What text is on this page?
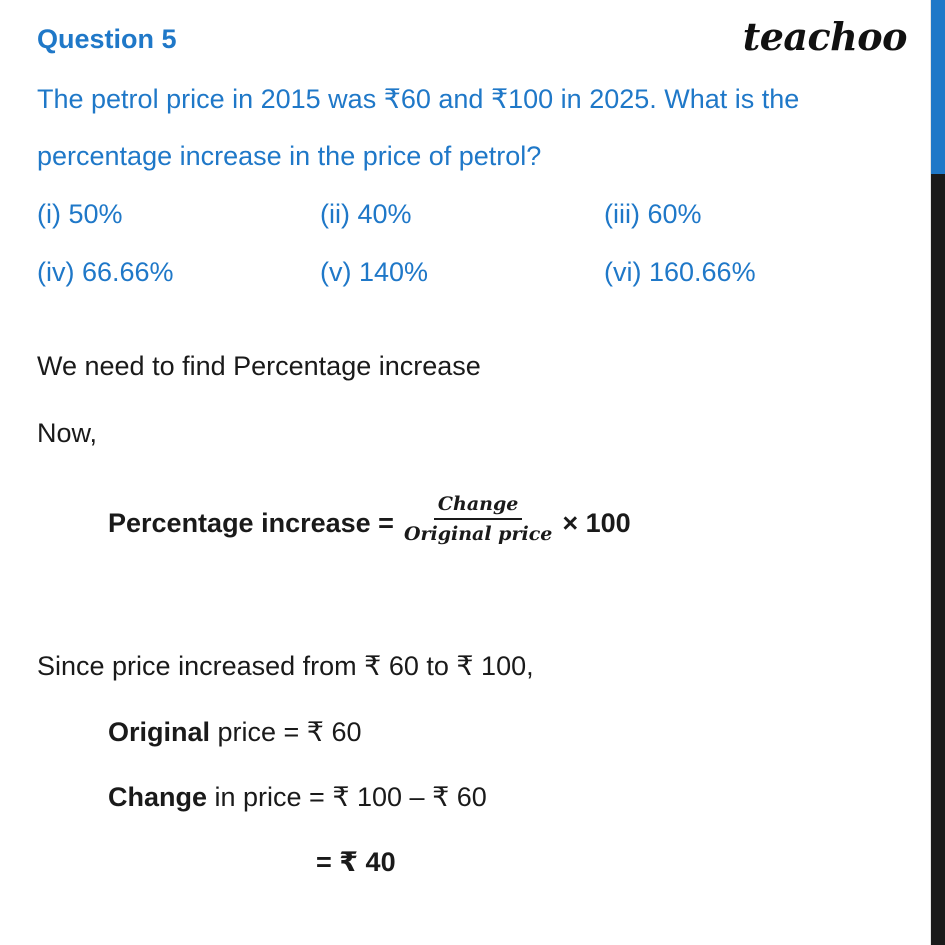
Question 5	teachoo
The petrol price in 2015 was ₹60 and ₹100 in 2025. What is the
percentage increase in the price of petrol?
(i) 50%	(ii) 40%	(iii) 60%
(iv) 66.66%	(v) 140%	(vi) 160.66%
We need to find Percentage increase
Now,
Percentage increase = $\frac{\text{Change}}{\text{Original price}} \times 100$
Since price increased from ₹ 60 to ₹ 100,
Original price = ₹ 60
Change in price = ₹ 100 – ₹ 60
= ₹ 40
